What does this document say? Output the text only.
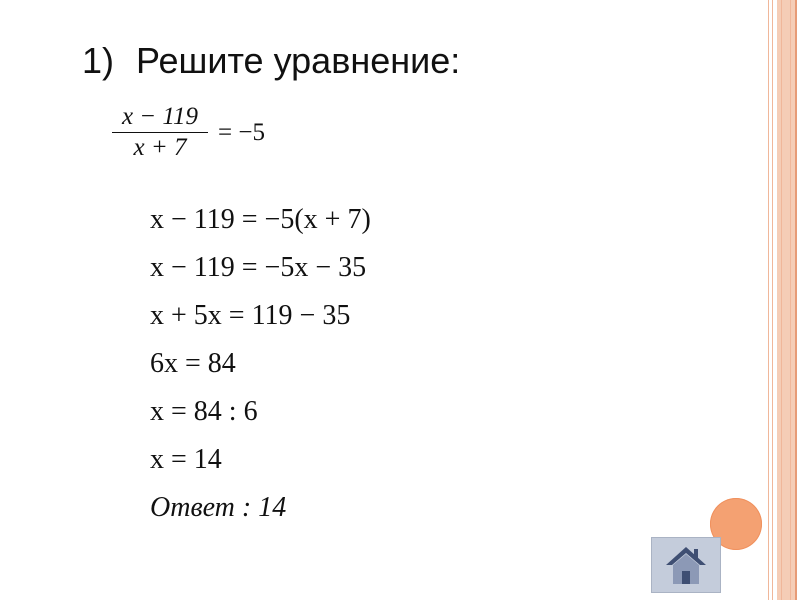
1) Решите уравнение:
$\frac{x - 119}{x + 7} = -5$
x − 119 = −5(x + 7)
x − 119 = −5x − 35
x + 5x = 119 − 35
6x = 84
x = 84 : 6
x = 14
Ответ : 14
